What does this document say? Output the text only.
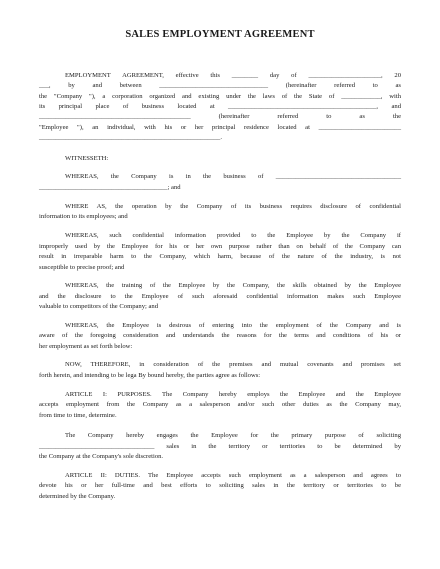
SALES EMPLOYMENT AGREEMENT
EMPLOYMENT AGREEMENT, effective this ________ day of ______________________, 20
___, by and between _________________________________ (hereinafter referred to as
the "Company "), a corporation organized and existing under the laws of the State of ____________, with
its principal place of business located at _____________________________________________, and
______________________________________________ (hereinafter referred to as the
"Employee "), an individual, with his or her principal residence located at _________________________
_______________________________________________________.
WITNESSETH:
WHEREAS, the Company is in the business of ______________________________________
_______________________________________; and
WHERE AS, the operation by the Company of its business requires disclosure of confidential
information to its employees; and
WHEREAS, such confidential information provided to the Employee by the Company if
improperly used by the Employee for his or her own purpose rather than on behalf of the Company can
result in irreparable harm to the Company, which harm, because of the nature of the industry, is not
susceptible to precise proof; and
WHEREAS, the training of the Employee by the Company, the skills obtained by the Employee
and the disclosure to the Employee of such aforesaid confidential information makes such Employee
valuable to competitors of the Company; and
WHEREAS, the Employee is desirous of entering into the employment of the Company and is
aware of the foregoing consideration and understands the reasons for the terms and conditions of his or
her employment as set forth below:
NOW, THEREFORE, in consideration of the premises and mutual covenants and promises set
forth herein, and intending to be lega By bound hereby, the parties agree as follows:
ARTICLE I: PURPOSES. The Company hereby employs the Employee and the Employee
accepts employment from the Company as a salesperson and/or such other duties as the Company may,
from time to time, determine.
The Company hereby engages the Employee for the primary purpose of soliciting
___________________________________ sales in the territory or territories to be determined by
the Company at the Company's sole discretion.
ARTICLE II: DUTIES. The Employee accepts such employment as a salesperson and agrees to
devote his or her full-time and best efforts to soliciting sales in the territory or territories to be
determined by the Company.
